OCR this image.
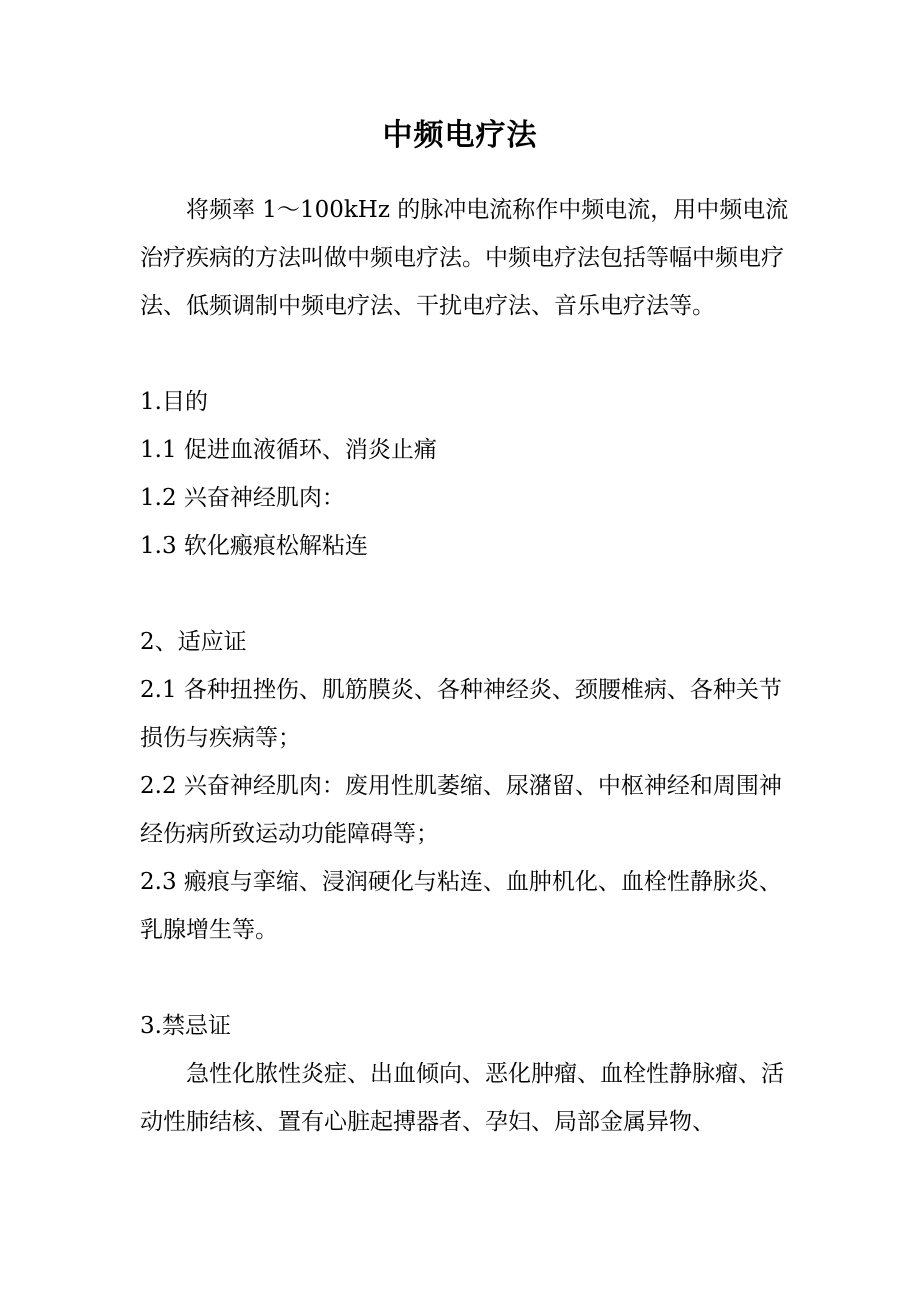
中频电疗法

将频率 1～100kHz 的脉冲电流称作中频电流，用中频电流治疗疾病的方法叫做中频电疗法。中频电疗法包括等幅中频电疗法、低频调制中频电疗法、干扰电疗法、音乐电疗法等。

1.目的

1.1 促进血液循环、消炎止痛

1.2 兴奋神经肌肉：

1.3 软化瘢痕松解粘连

2、适应证

2.1 各种扭挫伤、肌筋膜炎、各种神经炎、颈腰椎病、各种关节损伤与疾病等；

2.2 兴奋神经肌肉：废用性肌萎缩、尿潴留、中枢神经和周围神经伤病所致运动功能障碍等；

2.3 瘢痕与挛缩、浸润硬化与粘连、血肿机化、血栓性静脉炎、乳腺增生等。

3.禁忌证

急性化脓性炎症、出血倾向、恶化肿瘤、血栓性静脉瘤、活动性肺结核、置有心脏起搏器者、孕妇、局部金属异物、
